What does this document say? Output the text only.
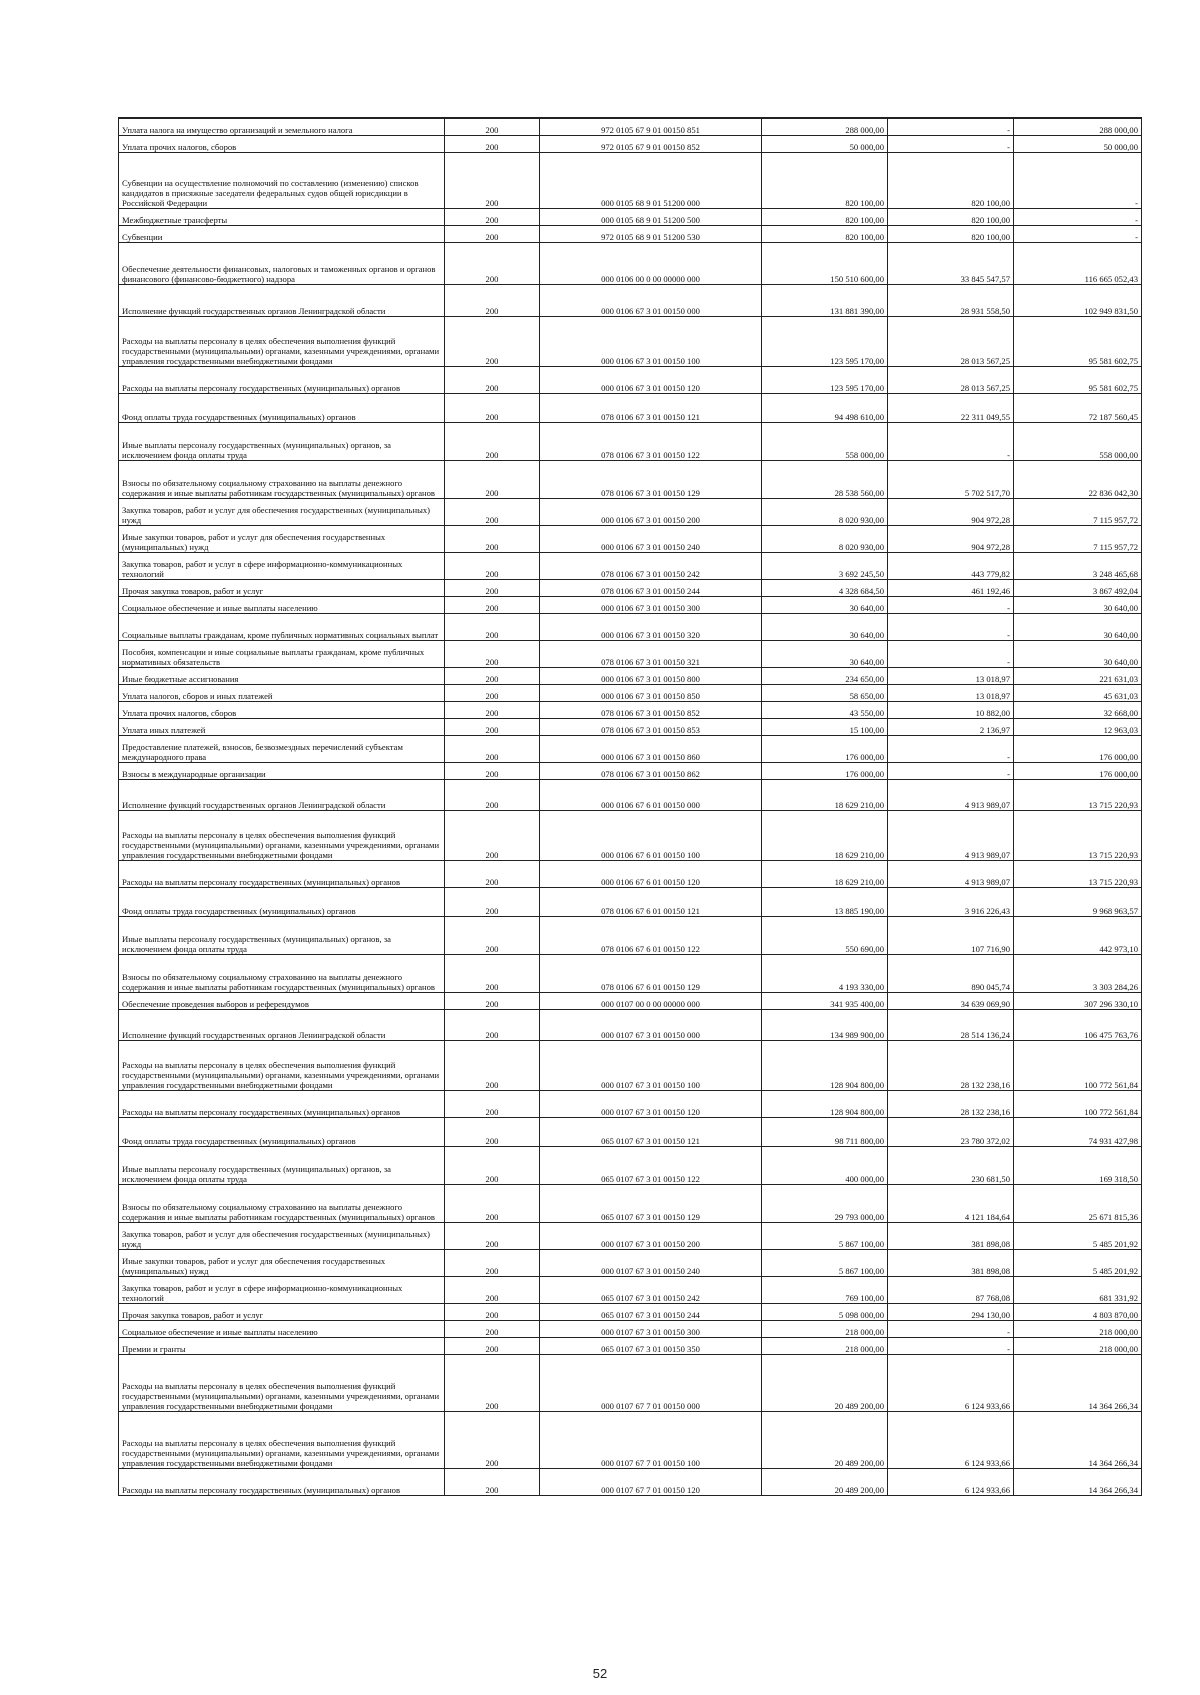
Уплата налога на имущество организаций и земельного налога	200	972 0105 67 9 01 00150 851	288 000,00	-	288 000,00
Уплата прочих налогов, сборов	200	972 0105 67 9 01 00150 852	50 000,00	-	50 000,00
Субвенции на осуществление полномочий по составлению (изменению) списков кандидатов в присяжные заседатели федеральных судов общей юрисдикции в Российской Федерации	200	000 0105 68 9 01 51200 000	820 100,00	820 100,00	-
Межбюджетные трансферты	200	000 0105 68 9 01 51200 500	820 100,00	820 100,00	-
Субвенции	200	972 0105 68 9 01 51200 530	820 100,00	820 100,00	-
Обеспечение деятельности финансовых, налоговых и таможенных органов и органов финансового (финансово-бюджетного) надзора	200	000 0106 00 0 00 00000 000	150 510 600,00	33 845 547,57	116 665 052,43
Исполнение функций государственных органов Ленинградской области	200	000 0106 67 3 01 00150 000	131 881 390,00	28 931 558,50	102 949 831,50
Расходы на выплаты персоналу в целях обеспечения выполнения функций государственными (муниципальными) органами, казенными учреждениями, органами управления государственными внебюджетными фондами	200	000 0106 67 3 01 00150 100	123 595 170,00	28 013 567,25	95 581 602,75
Расходы на выплаты персоналу государственных (муниципальных) органов	200	000 0106 67 3 01 00150 120	123 595 170,00	28 013 567,25	95 581 602,75
Фонд оплаты труда государственных (муниципальных) органов	200	078 0106 67 3 01 00150 121	94 498 610,00	22 311 049,55	72 187 560,45
Иные выплаты персоналу государственных (муниципальных) органов, за исключением фонда оплаты труда	200	078 0106 67 3 01 00150 122	558 000,00	-	558 000,00
Взносы по обязательному социальному страхованию на выплаты денежного содержания и иные выплаты работникам государственных (муниципальных) органов	200	078 0106 67 3 01 00150 129	28 538 560,00	5 702 517,70	22 836 042,30
Закупка товаров, работ и услуг для обеспечения государственных (муниципальных) нужд	200	000 0106 67 3 01 00150 200	8 020 930,00	904 972,28	7 115 957,72
Иные закупки товаров, работ и услуг для обеспечения государственных (муниципальных) нужд	200	000 0106 67 3 01 00150 240	8 020 930,00	904 972,28	7 115 957,72
Закупка товаров, работ и услуг в сфере информационно-коммуникационных технологий	200	078 0106 67 3 01 00150 242	3 692 245,50	443 779,82	3 248 465,68
Прочая закупка товаров, работ и услуг	200	078 0106 67 3 01 00150 244	4 328 684,50	461 192,46	3 867 492,04
Социальное обеспечение и иные выплаты населению	200	000 0106 67 3 01 00150 300	30 640,00	-	30 640,00
Социальные выплаты гражданам, кроме публичных нормативных социальных выплат	200	000 0106 67 3 01 00150 320	30 640,00	-	30 640,00
Пособия, компенсации и иные социальные выплаты гражданам, кроме публичных нормативных обязательств	200	078 0106 67 3 01 00150 321	30 640,00	-	30 640,00
Иные бюджетные ассигнования	200	000 0106 67 3 01 00150 800	234 650,00	13 018,97	221 631,03
Уплата налогов, сборов и иных платежей	200	000 0106 67 3 01 00150 850	58 650,00	13 018,97	45 631,03
Уплата прочих налогов, сборов	200	078 0106 67 3 01 00150 852	43 550,00	10 882,00	32 668,00
Уплата иных платежей	200	078 0106 67 3 01 00150 853	15 100,00	2 136,97	12 963,03
Предоставление платежей, взносов, безвозмездных перечислений субъектам международного права	200	000 0106 67 3 01 00150 860	176 000,00	-	176 000,00
Взносы в международные организации	200	078 0106 67 3 01 00150 862	176 000,00	-	176 000,00
Исполнение функций государственных органов Ленинградской области	200	000 0106 67 6 01 00150 000	18 629 210,00	4 913 989,07	13 715 220,93
Расходы на выплаты персоналу в целях обеспечения выполнения функций государственными (муниципальными) органами, казенными учреждениями, органами управления государственными внебюджетными фондами	200	000 0106 67 6 01 00150 100	18 629 210,00	4 913 989,07	13 715 220,93
Расходы на выплаты персоналу государственных (муниципальных) органов	200	000 0106 67 6 01 00150 120	18 629 210,00	4 913 989,07	13 715 220,93
Фонд оплаты труда государственных (муниципальных) органов	200	078 0106 67 6 01 00150 121	13 885 190,00	3 916 226,43	9 968 963,57
Иные выплаты персоналу государственных (муниципальных) органов, за исключением фонда оплаты труда	200	078 0106 67 6 01 00150 122	550 690,00	107 716,90	442 973,10
Взносы по обязательному социальному страхованию на выплаты денежного содержания и иные выплаты работникам государственных (муниципальных) органов	200	078 0106 67 6 01 00150 129	4 193 330,00	890 045,74	3 303 284,26
Обеспечение проведения выборов и референдумов	200	000 0107 00 0 00 00000 000	341 935 400,00	34 639 069,90	307 296 330,10
Исполнение функций государственных органов Ленинградской области	200	000 0107 67 3 01 00150 000	134 989 900,00	28 514 136,24	106 475 763,76
Расходы на выплаты персоналу в целях обеспечения выполнения функций государственными (муниципальными) органами, казенными учреждениями, органами управления государственными внебюджетными фондами	200	000 0107 67 3 01 00150 100	128 904 800,00	28 132 238,16	100 772 561,84
Расходы на выплаты персоналу государственных (муниципальных) органов	200	000 0107 67 3 01 00150 120	128 904 800,00	28 132 238,16	100 772 561,84
Фонд оплаты труда государственных (муниципальных) органов	200	065 0107 67 3 01 00150 121	98 711 800,00	23 780 372,02	74 931 427,98
Иные выплаты персоналу государственных (муниципальных) органов, за исключением фонда оплаты труда	200	065 0107 67 3 01 00150 122	400 000,00	230 681,50	169 318,50
Взносы по обязательному социальному страхованию на выплаты денежного содержания и иные выплаты работникам государственных (муниципальных) органов	200	065 0107 67 3 01 00150 129	29 793 000,00	4 121 184,64	25 671 815,36
Закупка товаров, работ и услуг для обеспечения государственных (муниципальных) нужд	200	000 0107 67 3 01 00150 200	5 867 100,00	381 898,08	5 485 201,92
Иные закупки товаров, работ и услуг для обеспечения государственных (муниципальных) нужд	200	000 0107 67 3 01 00150 240	5 867 100,00	381 898,08	5 485 201,92
Закупка товаров, работ и услуг в сфере информационно-коммуникационных технологий	200	065 0107 67 3 01 00150 242	769 100,00	87 768,08	681 331,92
Прочая закупка товаров, работ и услуг	200	065 0107 67 3 01 00150 244	5 098 000,00	294 130,00	4 803 870,00
Социальное обеспечение и иные выплаты населению	200	000 0107 67 3 01 00150 300	218 000,00	-	218 000,00
Премии и гранты	200	065 0107 67 3 01 00150 350	218 000,00	-	218 000,00
Расходы на выплаты персоналу в целях обеспечения выполнения функций государственными (муниципальными) органами, казенными учреждениями, органами управления государственными внебюджетными фондами	200	000 0107 67 7 01 00150 000	20 489 200,00	6 124 933,66	14 364 266,34
Расходы на выплаты персоналу в целях обеспечения выполнения функций государственными (муниципальными) органами, казенными учреждениями, органами управления государственными внебюджетными фондами	200	000 0107 67 7 01 00150 100	20 489 200,00	6 124 933,66	14 364 266,34
Расходы на выплаты персоналу государственных (муниципальных) органов	200	000 0107 67 7 01 00150 120	20 489 200,00	6 124 933,66	14 364 266,34
52
